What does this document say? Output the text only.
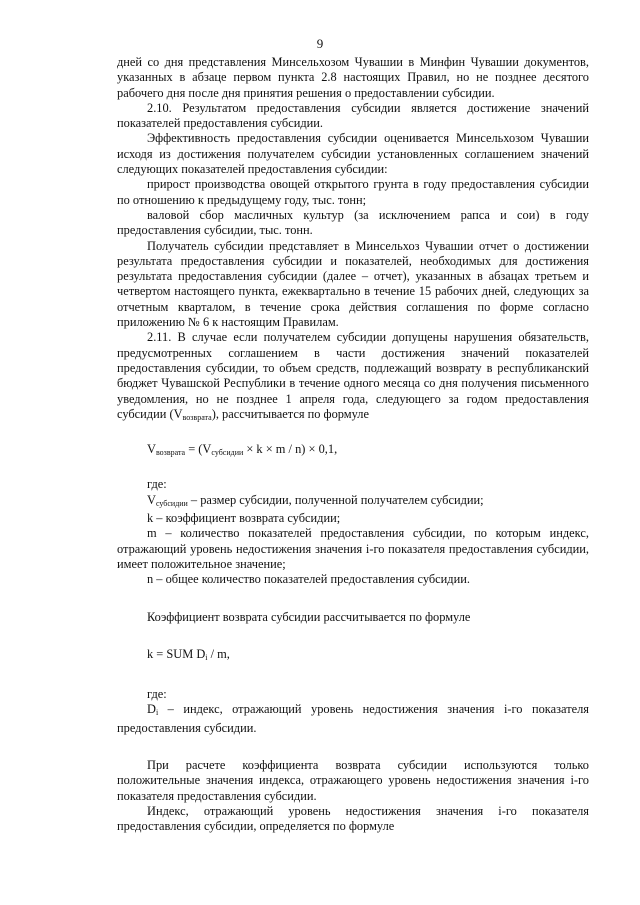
9

дней со дня представления Минсельхозом Чувашии в Минфин Чувашии документов, указанных в абзаце первом пункта 2.8 настоящих Правил, но не позднее десятого рабочего дня после дня принятия решения о предоставлении субсидии.

2.10. Результатом предоставления субсидии является достижение значений показателей предоставления субсидии.

Эффективность предоставления субсидии оценивается Минсельхозом Чувашии исходя из достижения получателем субсидии установленных соглашением значений следующих показателей предоставления субсидии:

прирост производства овощей открытого грунта в году предоставления субсидии по отношению к предыдущему году, тыс. тонн;

валовой сбор масличных культур (за исключением рапса и сои) в году предоставления субсидии, тыс. тонн.

Получатель субсидии представляет в Минсельхоз Чувашии отчет о достижении результата предоставления субсидии и показателей, необходимых для достижения результата предоставления субсидии (далее – отчет), указанных в абзацах третьем и четвертом настоящего пункта, ежеквартально в течение 15 рабочих дней, следующих за отчетным кварталом, в течение срока действия соглашения по форме согласно приложению № 6 к настоящим Правилам.

2.11. В случае если получателем субсидии допущены нарушения обязательств, предусмотренных соглашением в части достижения значений показателей предоставления субсидии, то объем средств, подлежащий возврату в республиканский бюджет Чувашской Республики в течение одного месяца со дня получения письменного уведомления, но не позднее 1 апреля года, следующего за годом предоставления субсидии $(V_{возврата})$, рассчитывается по формуле

$V_{возврата} = (V_{субсидии} \times k \times m / n) \times 0,1$,

где:

$V_{субсидии}$ – размер субсидии, полученной получателем субсидии;

k – коэффициент возврата субсидии;

m – количество показателей предоставления субсидии, по которым индекс, отражающий уровень недостижения значения i-го показателя предоставления субсидии, имеет положительное значение;

n – общее количество показателей предоставления субсидии.

Коэффициент возврата субсидии рассчитывается по формуле

k = SUM $D_i$ / m,

где:

$D_i$ – индекс, отражающий уровень недостижения значения i-го показателя предоставления субсидии.

При расчете коэффициента возврата субсидии используются только положительные значения индекса, отражающего уровень недостижения значения i-го показателя предоставления субсидии.

Индекс, отражающий уровень недостижения значения i-го показателя предоставления субсидии, определяется по формуле
